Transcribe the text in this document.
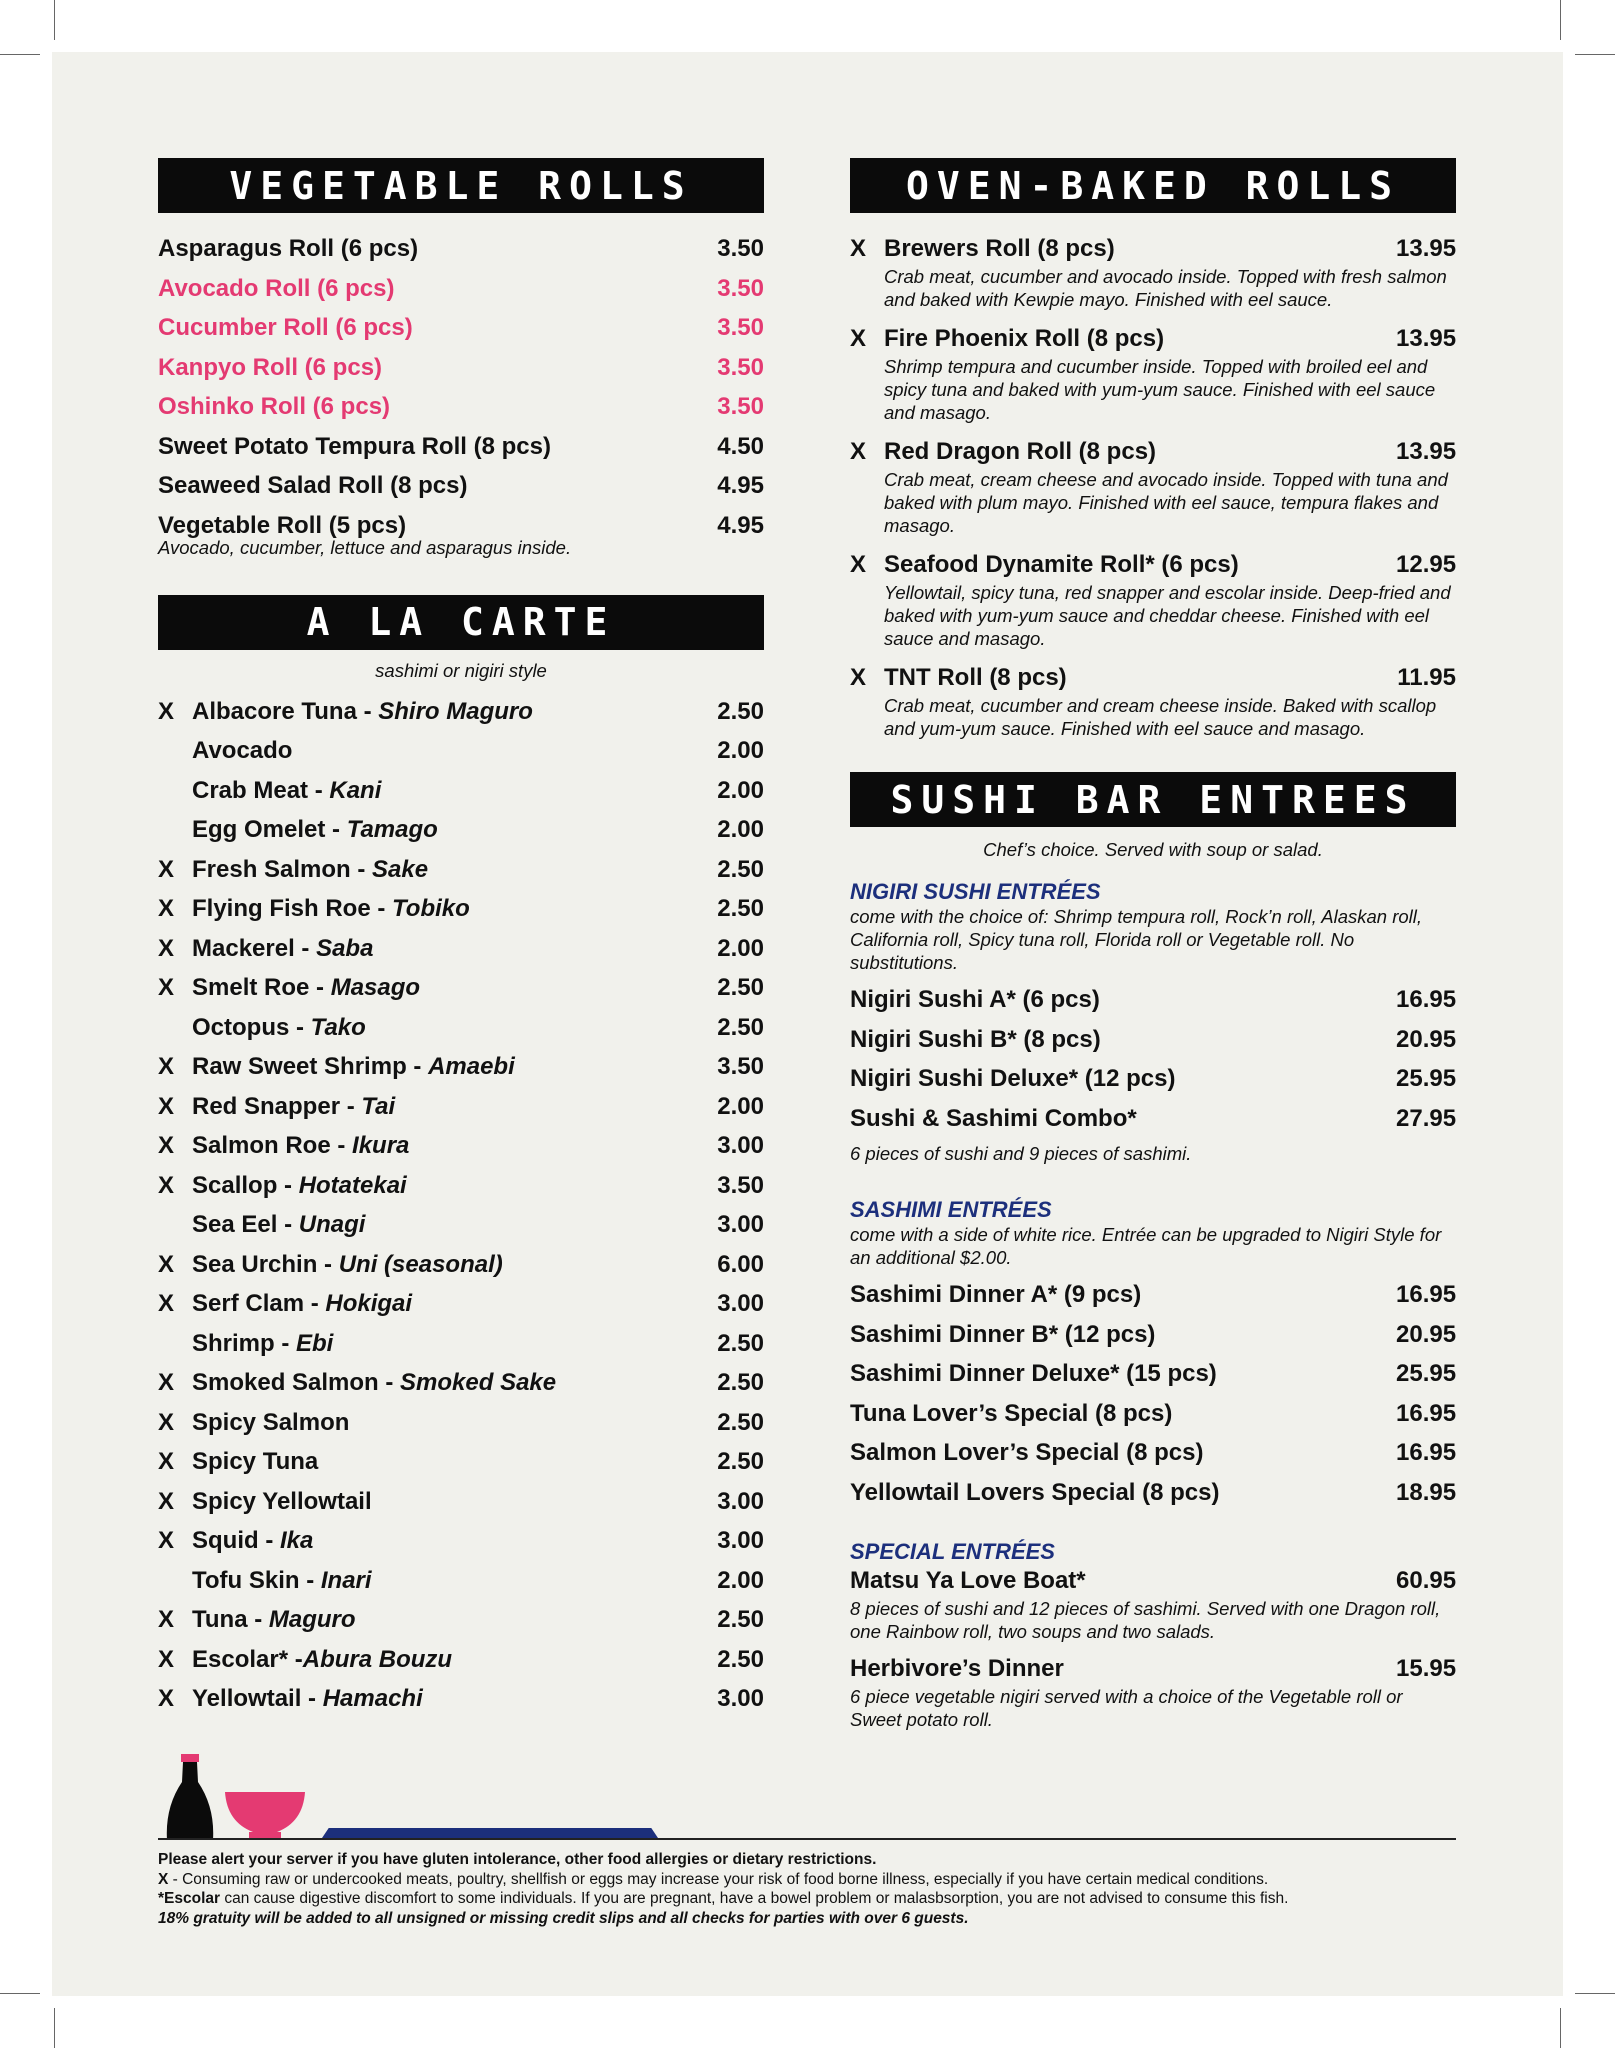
VEGETABLE ROLLS
Asparagus Roll (6 pcs)	3.50
Avocado Roll (6 pcs)	3.50
Cucumber Roll (6 pcs)	3.50
Kanpyo Roll (6 pcs)	3.50
Oshinko Roll (6 pcs)	3.50
Sweet Potato Tempura Roll (8 pcs)	4.50
Seaweed Salad Roll (8 pcs)	4.95
Vegetable Roll (5 pcs)	4.95
Avocado, cucumber, lettuce and asparagus inside.
A LA CARTE
sashimi or nigiri style
X Albacore Tuna - Shiro Maguro	2.50
Avocado	2.00
Crab Meat - Kani	2.00
Egg Omelet - Tamago	2.00
X Fresh Salmon - Sake	2.50
X Flying Fish Roe - Tobiko	2.50
X Mackerel - Saba	2.00
X Smelt Roe - Masago	2.50
Octopus - Tako	2.50
X Raw Sweet Shrimp - Amaebi	3.50
X Red Snapper - Tai	2.00
X Salmon Roe - Ikura	3.00
X Scallop - Hotatekai	3.50
Sea Eel - Unagi	3.00
X Sea Urchin - Uni (seasonal)	6.00
X Serf Clam - Hokigai	3.00
Shrimp - Ebi	2.50
X Smoked Salmon - Smoked Sake	2.50
X Spicy Salmon	2.50
X Spicy Tuna	2.50
X Spicy Yellowtail	3.00
X Squid - Ika	3.00
Tofu Skin - Inari	2.00
X Tuna - Maguro	2.50
X Escolar* -Abura Bouzu	2.50
X Yellowtail - Hamachi	3.00
OVEN-BAKED ROLLS
X Brewers Roll (8 pcs)	13.95
Crab meat, cucumber and avocado inside. Topped with fresh salmon and baked with Kewpie mayo. Finished with eel sauce.
X Fire Phoenix Roll (8 pcs)	13.95
Shrimp tempura and cucumber inside. Topped with broiled eel and spicy tuna and baked with yum-yum sauce. Finished with eel sauce and masago.
X Red Dragon Roll (8 pcs)	13.95
Crab meat, cream cheese and avocado inside. Topped with tuna and baked with plum mayo. Finished with eel sauce, tempura flakes and masago.
X Seafood Dynamite Roll* (6 pcs)	12.95
Yellowtail, spicy tuna, red snapper and escolar inside. Deep-fried and baked with yum-yum sauce and cheddar cheese. Finished with eel sauce and masago.
X TNT Roll (8 pcs)	11.95
Crab meat, cucumber and cream cheese inside. Baked with scallop and yum-yum sauce. Finished with eel sauce and masago.
SUSHI BAR ENTREES
Chef’s choice. Served with soup or salad.
NIGIRI SUSHI ENTRÉES
come with the choice of: Shrimp tempura roll, Rock’n roll, Alaskan roll, California roll, Spicy tuna roll, Florida roll or Vegetable roll. No substitutions.
Nigiri Sushi A* (6 pcs)	16.95
Nigiri Sushi B* (8 pcs)	20.95
Nigiri Sushi Deluxe* (12 pcs)	25.95
Sushi & Sashimi Combo*	27.95
6 pieces of sushi and 9 pieces of sashimi.
SASHIMI ENTRÉES
come with a side of white rice. Entrée can be upgraded to Nigiri Style for an additional $2.00.
Sashimi Dinner A* (9 pcs)	16.95
Sashimi Dinner B* (12 pcs)	20.95
Sashimi Dinner Deluxe* (15 pcs)	25.95
Tuna Lover’s Special (8 pcs)	16.95
Salmon Lover’s Special (8 pcs)	16.95
Yellowtail Lovers Special (8 pcs)	18.95
SPECIAL ENTRÉES
Matsu Ya Love Boat*	60.95
8 pieces of sushi and 12 pieces of sashimi. Served with one Dragon roll, one Rainbow roll, two soups and two salads.
Herbivore’s Dinner	15.95
6 piece vegetable nigiri served with a choice of the Vegetable roll or Sweet potato roll.
Please alert your server if you have gluten intolerance, other food allergies or dietary restrictions.
X - Consuming raw or undercooked meats, poultry, shellfish or eggs may increase your risk of food borne illness, especially if you have certain medical conditions.
*Escolar can cause digestive discomfort to some individuals. If you are pregnant, have a bowel problem or malasbsorption, you are not advised to consume this fish.
18% gratuity will be added to all unsigned or missing credit slips and all checks for parties with over 6 guests.
